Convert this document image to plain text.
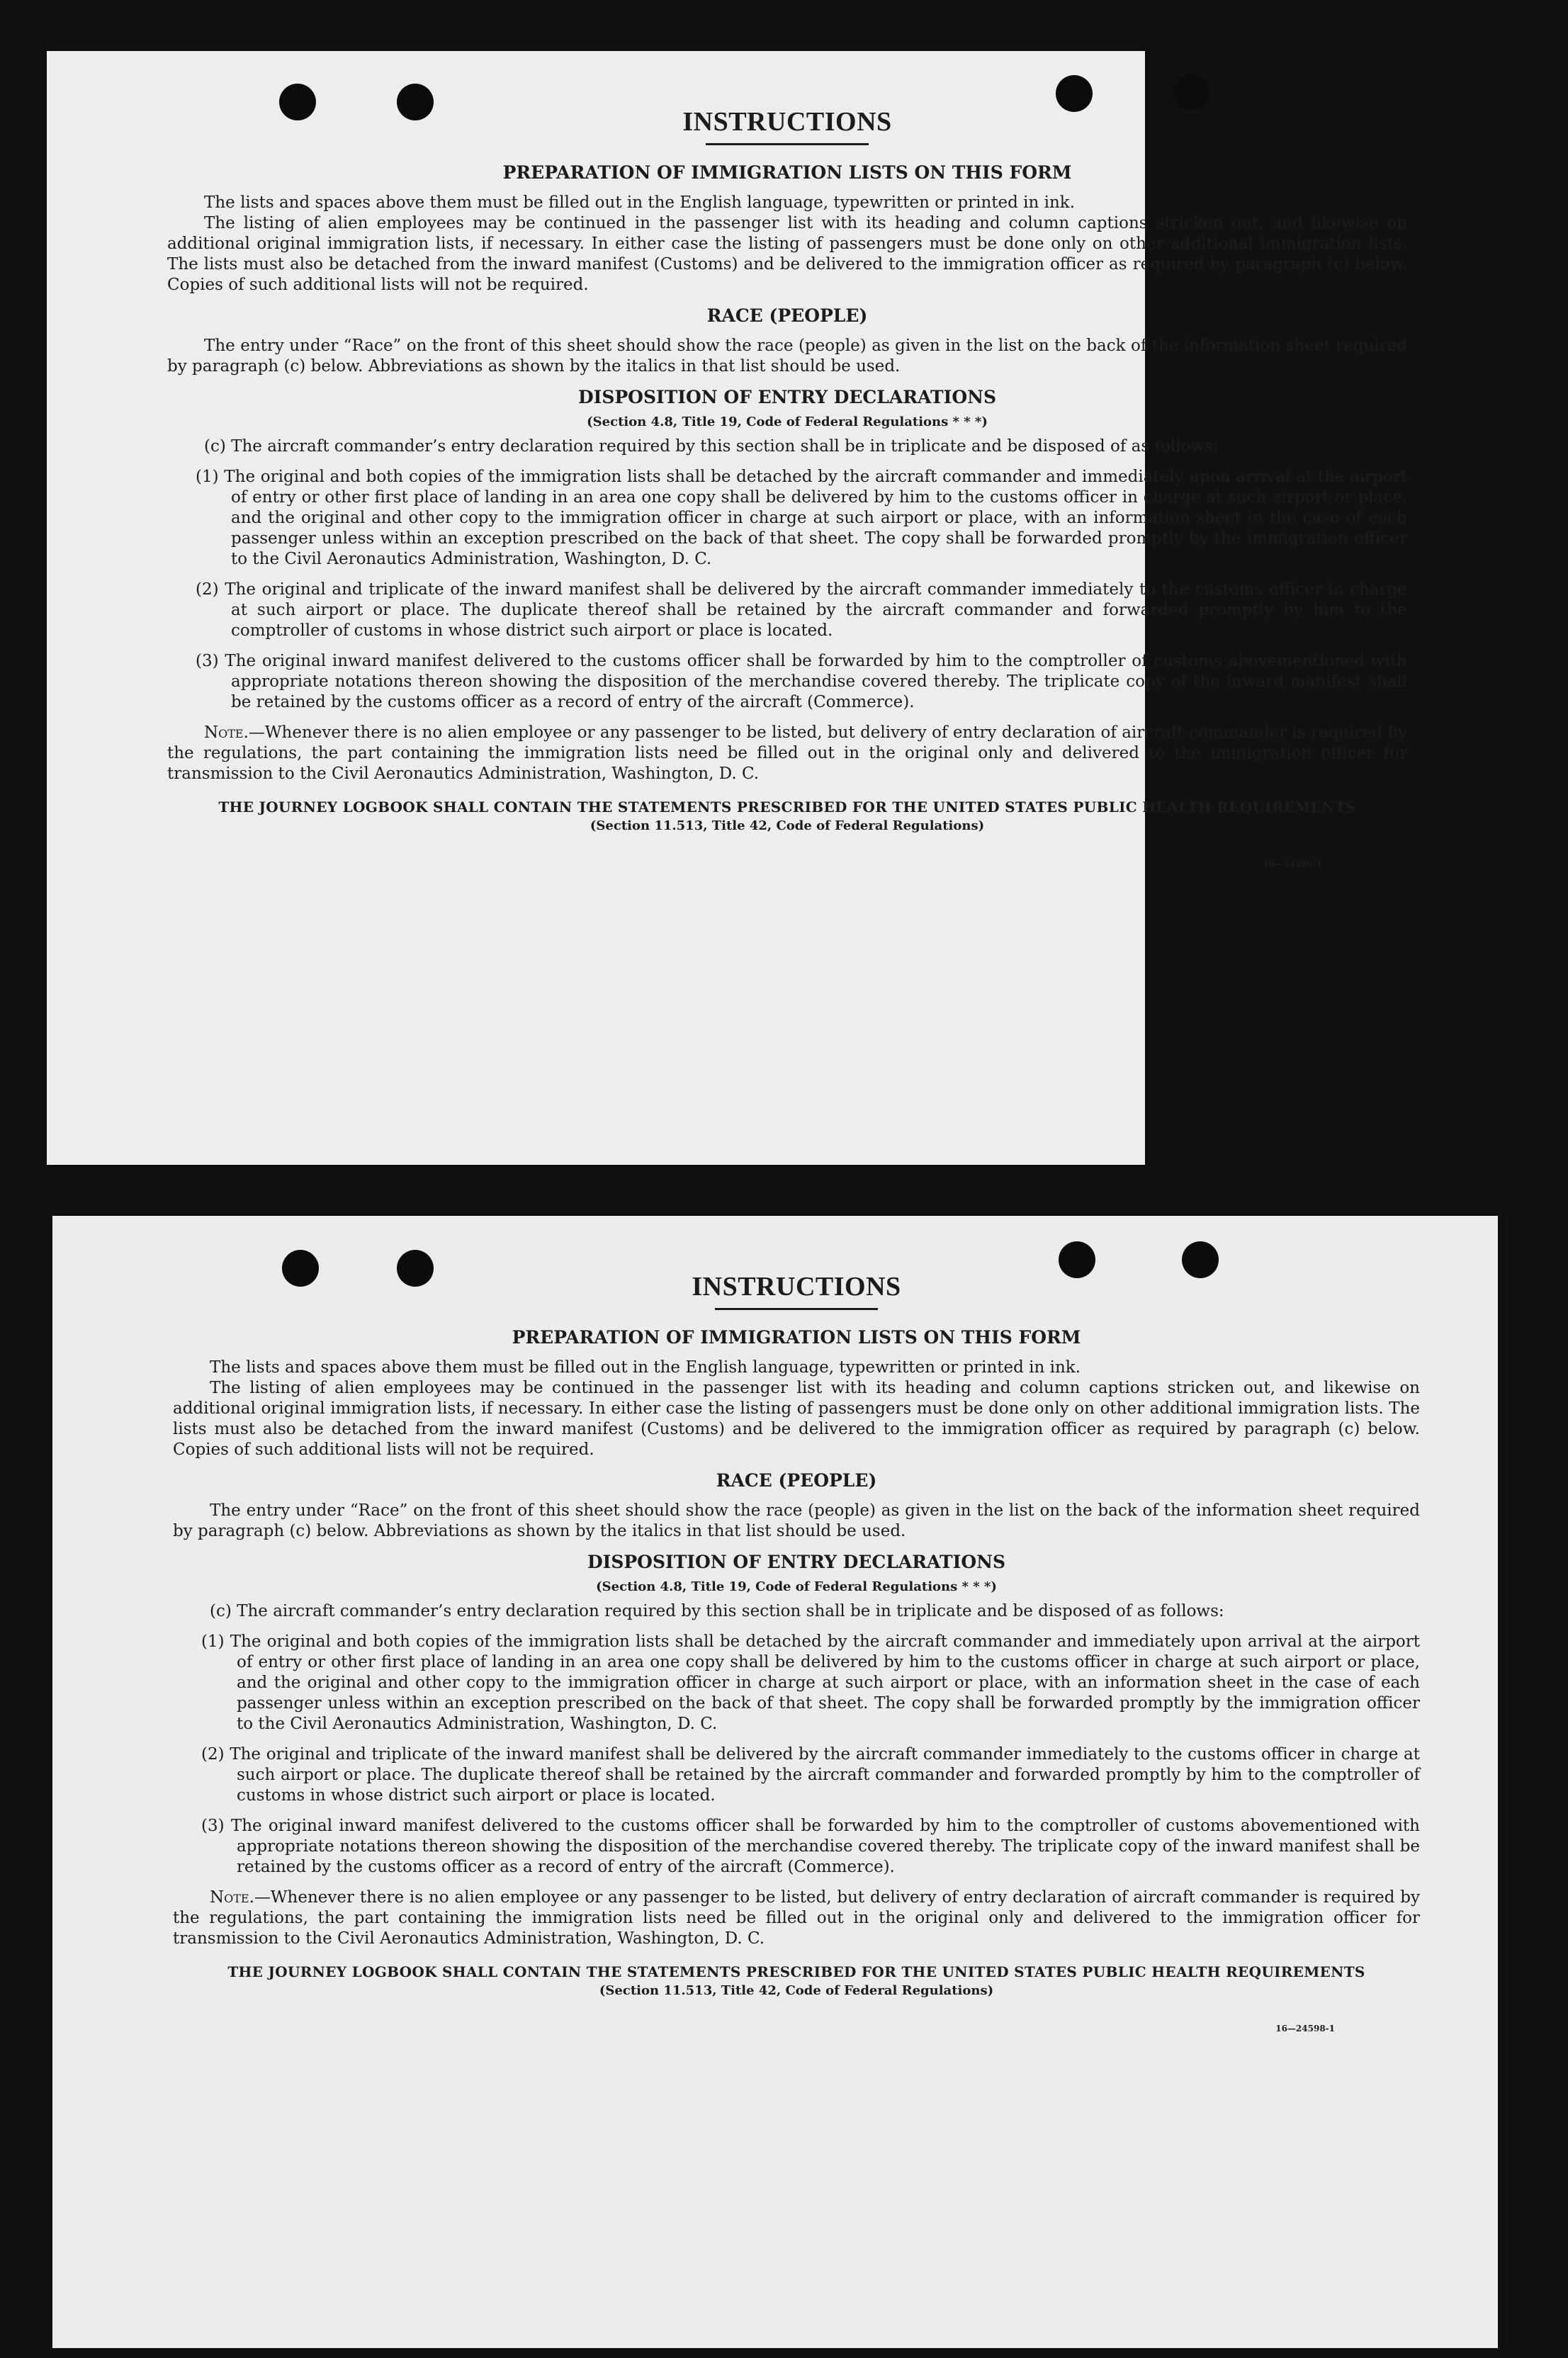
INSTRUCTIONS
PREPARATION OF IMMIGRATION LISTS ON THIS FORM

The lists and spaces above them must be filled out in the English language, typewritten or printed in ink.

The listing of alien employees may be continued in the passenger list with its heading and column captions stricken out, and likewise on additional original immigration lists, if necessary. In either case the listing of passengers must be done only on other additional immigration lists. The lists must also be detached from the inward manifest (Customs) and be delivered to the immigration officer as required by paragraph (c) below. Copies of such additional lists will not be required.

RACE (PEOPLE)

The entry under “Race” on the front of this sheet should show the race (people) as given in the list on the back of the information sheet required by paragraph (c) below. Abbreviations as shown by the italics in that list should be used.

DISPOSITION OF ENTRY DECLARATIONS
(Section 4.8, Title 19, Code of Federal Regulations * * *)

(c) The aircraft commander’s entry declaration required by this section shall be in triplicate and be disposed of as follows:

(1) The original and both copies of the immigration lists shall be detached by the aircraft commander and immediately upon arrival at the airport of entry or other first place of landing in an area one copy shall be delivered by him to the customs officer in charge at such airport or place, and the original and other copy to the immigration officer in charge at such airport or place, with an information sheet in the case of each passenger unless within an exception prescribed on the back of that sheet. The copy shall be forwarded promptly by the immigration officer to the Civil Aeronautics Administration, Washington, D. C.

(2) The original and triplicate of the inward manifest shall be delivered by the aircraft commander immediately to the customs officer in charge at such airport or place. The duplicate thereof shall be retained by the aircraft commander and forwarded promptly by him to the comptroller of customs in whose district such airport or place is located.

(3) The original inward manifest delivered to the customs officer shall be forwarded by him to the comptroller of customs abovementioned with appropriate notations thereon showing the disposition of the merchandise covered thereby. The triplicate copy of the inward manifest shall be retained by the customs officer as a record of entry of the aircraft (Commerce).

Note.—Whenever there is no alien employee or any passenger to be listed, but delivery of entry declaration of aircraft commander is required by the regulations, the part containing the immigration lists need be filled out in the original only and delivered to the immigration officer for transmission to the Civil Aeronautics Administration, Washington, D. C.

THE JOURNEY LOGBOOK SHALL CONTAIN THE STATEMENTS PRESCRIBED FOR THE UNITED STATES PUBLIC HEALTH REQUIREMENTS
(Section 11.513, Title 42, Code of Federal Regulations)
16—24598-1
INSTRUCTIONS
PREPARATION OF IMMIGRATION LISTS ON THIS FORM

The lists and spaces above them must be filled out in the English language, typewritten or printed in ink.

The listing of alien employees may be continued in the passenger list with its heading and column captions stricken out, and likewise on additional original immigration lists, if necessary. In either case the listing of passengers must be done only on other additional immigration lists. The lists must also be detached from the inward manifest (Customs) and be delivered to the immigration officer as required by paragraph (c) below. Copies of such additional lists will not be required.

RACE (PEOPLE)

The entry under “Race” on the front of this sheet should show the race (people) as given in the list on the back of the information sheet required by paragraph (c) below. Abbreviations as shown by the italics in that list should be used.

DISPOSITION OF ENTRY DECLARATIONS
(Section 4.8, Title 19, Code of Federal Regulations * * *)

(c) The aircraft commander’s entry declaration required by this section shall be in triplicate and be disposed of as follows:

(1) The original and both copies of the immigration lists shall be detached by the aircraft commander and immediately upon arrival at the airport of entry or other first place of landing in an area one copy shall be delivered by him to the customs officer in charge at such airport or place, and the original and other copy to the immigration officer in charge at such airport or place, with an information sheet in the case of each passenger unless within an exception prescribed on the back of that sheet. The copy shall be forwarded promptly by the immigration officer to the Civil Aeronautics Administration, Washington, D. C.

(2) The original and triplicate of the inward manifest shall be delivered by the aircraft commander immediately to the customs officer in charge at such airport or place. The duplicate thereof shall be retained by the aircraft commander and forwarded promptly by him to the comptroller of customs in whose district such airport or place is located.

(3) The original inward manifest delivered to the customs officer shall be forwarded by him to the comptroller of customs abovementioned with appropriate notations thereon showing the disposition of the merchandise covered thereby. The triplicate copy of the inward manifest shall be retained by the customs officer as a record of entry of the aircraft (Commerce).

Note.—Whenever there is no alien employee or any passenger to be listed, but delivery of entry declaration of aircraft commander is required by the regulations, the part containing the immigration lists need be filled out in the original only and delivered to the immigration officer for transmission to the Civil Aeronautics Administration, Washington, D. C.

THE JOURNEY LOGBOOK SHALL CONTAIN THE STATEMENTS PRESCRIBED FOR THE UNITED STATES PUBLIC HEALTH REQUIREMENTS
(Section 11.513, Title 42, Code of Federal Regulations)
16—24598-1
